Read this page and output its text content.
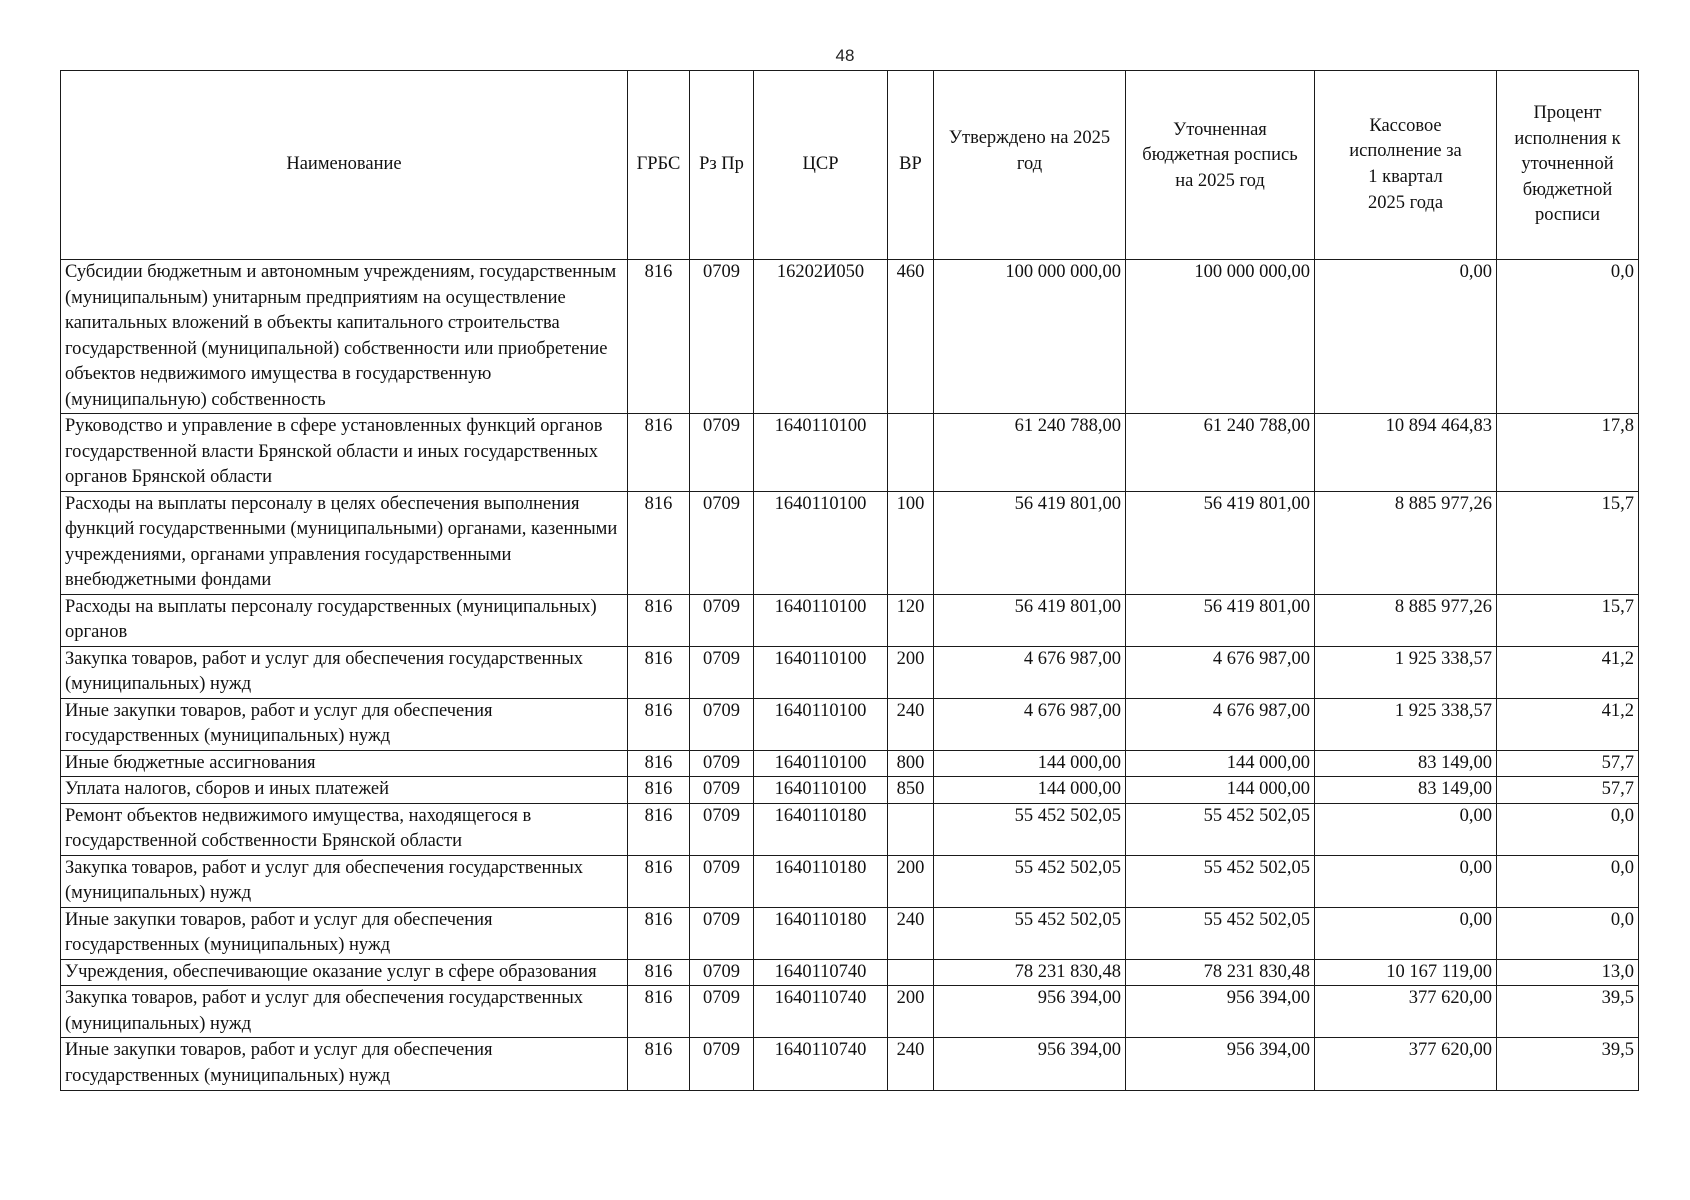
48
Наименование	ГРБС	Рз Пр	ЦСР	ВР	Утверждено на 2025 год	Уточненная бюджетная роспись на 2025 год	Кассовое исполнение за 1 квартал 2025 года	Процент исполнения к уточненной бюджетной росписи
Субсидии бюджетным и автономным учреждениям, государственным (муниципальным) унитарным предприятиям на осуществление капитальных вложений в объекты капитального строительства государственной (муниципальной) собственности или приобретение объектов недвижимого имущества в государственную (муниципальную) собственность	816	0709	16202И050	460	100 000 000,00	100 000 000,00	0,00	0,0
Руководство и управление в сфере установленных функций органов государственной власти Брянской области и иных государственных органов Брянской области	816	0709	1640110100		61 240 788,00	61 240 788,00	10 894 464,83	17,8
Расходы на выплаты персоналу в целях обеспечения выполнения функций государственными (муниципальными) органами, казенными учреждениями, органами управления государственными внебюджетными фондами	816	0709	1640110100	100	56 419 801,00	56 419 801,00	8 885 977,26	15,7
Расходы на выплаты персоналу государственных (муниципальных) органов	816	0709	1640110100	120	56 419 801,00	56 419 801,00	8 885 977,26	15,7
Закупка товаров, работ и услуг для обеспечения государственных (муниципальных) нужд	816	0709	1640110100	200	4 676 987,00	4 676 987,00	1 925 338,57	41,2
Иные закупки товаров, работ и услуг для обеспечения государственных (муниципальных) нужд	816	0709	1640110100	240	4 676 987,00	4 676 987,00	1 925 338,57	41,2
Иные бюджетные ассигнования	816	0709	1640110100	800	144 000,00	144 000,00	83 149,00	57,7
Уплата налогов, сборов и иных платежей	816	0709	1640110100	850	144 000,00	144 000,00	83 149,00	57,7
Ремонт объектов недвижимого имущества, находящегося в государственной собственности Брянской области	816	0709	1640110180		55 452 502,05	55 452 502,05	0,00	0,0
Закупка товаров, работ и услуг для обеспечения государственных (муниципальных) нужд	816	0709	1640110180	200	55 452 502,05	55 452 502,05	0,00	0,0
Иные закупки товаров, работ и услуг для обеспечения государственных (муниципальных) нужд	816	0709	1640110180	240	55 452 502,05	55 452 502,05	0,00	0,0
Учреждения, обеспечивающие оказание услуг в сфере образования	816	0709	1640110740		78 231 830,48	78 231 830,48	10 167 119,00	13,0
Закупка товаров, работ и услуг для обеспечения государственных (муниципальных) нужд	816	0709	1640110740	200	956 394,00	956 394,00	377 620,00	39,5
Иные закупки товаров, работ и услуг для обеспечения государственных (муниципальных) нужд	816	0709	1640110740	240	956 394,00	956 394,00	377 620,00	39,5
